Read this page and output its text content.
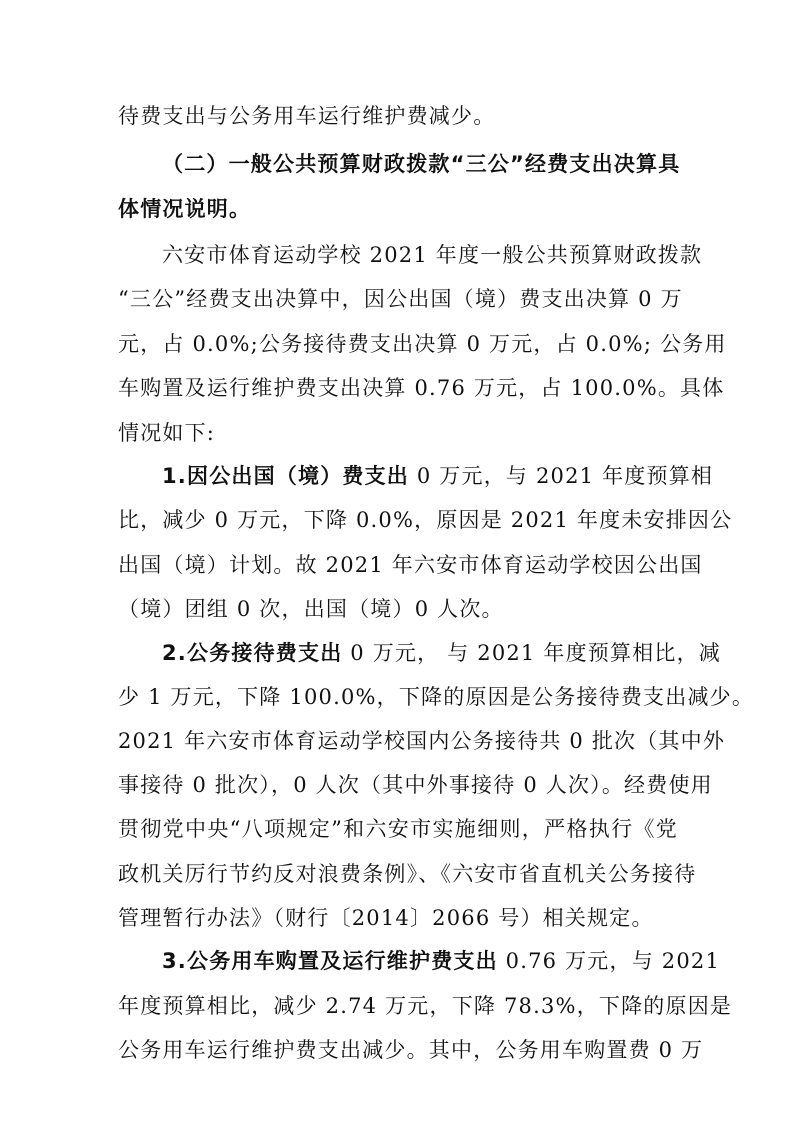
待费支出与公务用车运行维护费减少。
（二）一般公共预算财政拨款“三公”经费支出决算具
体情况说明。
六安市体育运动学校 2021 年度一般公共预算财政拨款
“三公”经费支出决算中，因公出国（境）费支出决算 0 万
元，占 0.0%;公务接待费支出决算 0 万元，占 0.0%; 公务用
车购置及运行维护费支出决算 0.76 万元，占 100.0%。具体
情况如下:
1.因公出国（境）费支出 0 万元，与 2021 年度预算相
比，减少 0 万元，下降 0.0%，原因是 2021 年度未安排因公
出国（境）计划。故 2021 年六安市体育运动学校因公出国
（境）团组 0 次，出国（境）0 人次。
2.公务接待费支出 0 万元， 与 2021 年度预算相比，减
少 1 万元，下降 100.0%，下降的原因是公务接待费支出减少。
2021 年六安市体育运动学校国内公务接待共 0 批次（其中外
事接待 0 批次），0 人次（其中外事接待 0 人次）。经费使用
贯彻党中央“八项规定”和六安市实施细则，严格执行《党
政机关厉行节约反对浪费条例》、《六安市省直机关公务接待
管理暂行办法》（财行〔2014〕2066 号）相关规定。
3.公务用车购置及运行维护费支出 0.76 万元，与 2021
年度预算相比，减少 2.74 万元，下降 78.3%，下降的原因是
公务用车运行维护费支出减少。其中，公务用车购置费 0 万
